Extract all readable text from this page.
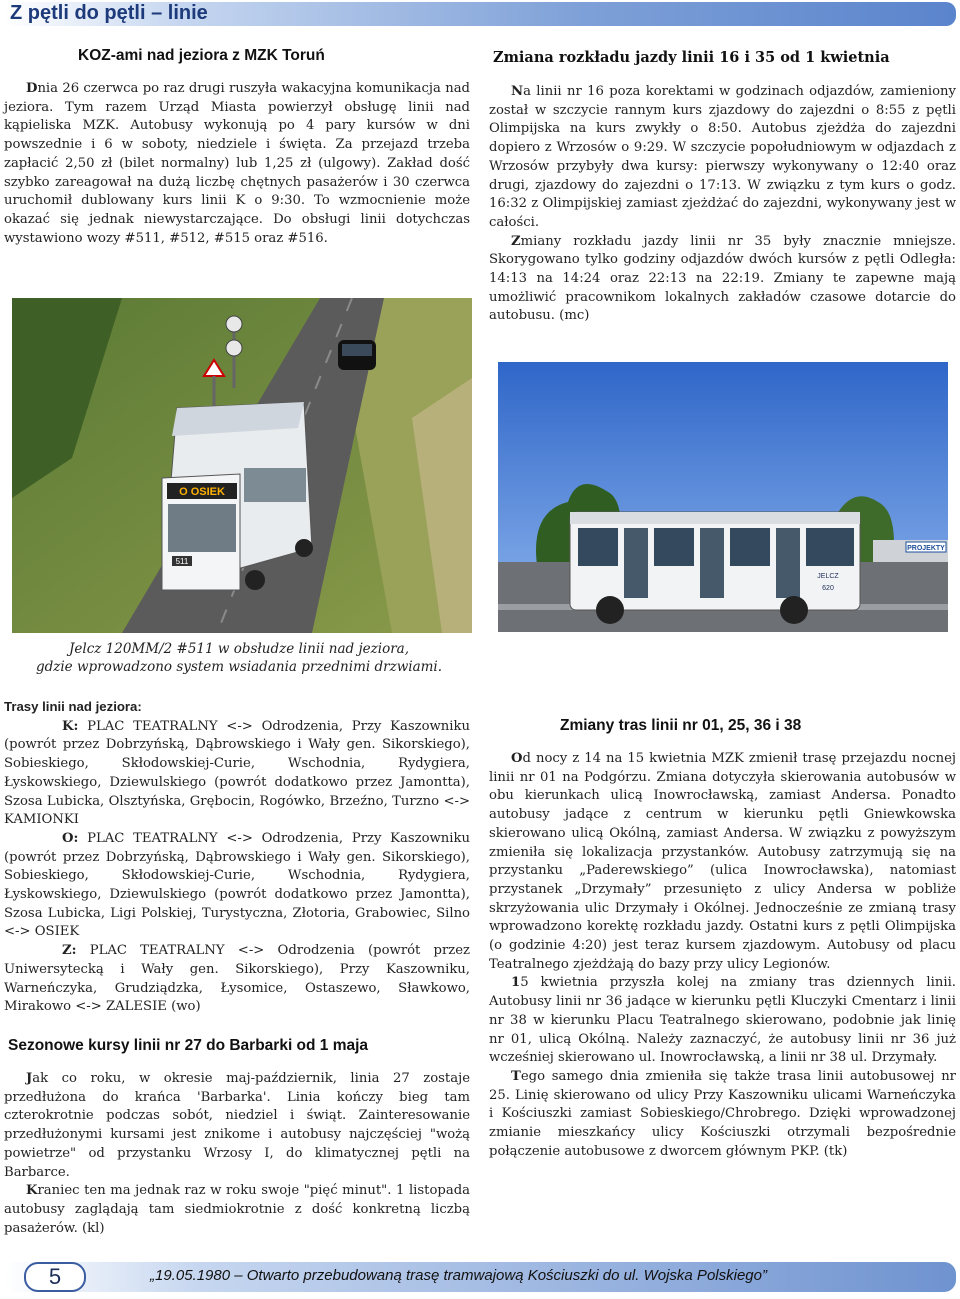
Z pętli do pętli – linie
KOZ-ami nad jeziora z MZK Toruń

Dnia 26 czerwca po raz drugi ruszyła wakacyjna komunikacja nad jeziora. Tym razem Urząd Miasta powierzył obsługę linii nad kąpieliska MZK. Autobusy wykonują po 4 pary kursów w dni powszednie i 6 w soboty, niedziele i święta. Za przejazd trzeba zapłacić 2,50 zł (bilet normalny) lub 1,25 zł (ulgowy). Zakład dość szybko zareagował na dużą liczbę chętnych pasażerów i 30 czerwca uruchomił dublowany kurs linii K o 9:30. To wzmocnienie może okazać się jednak niewystarczające. Do obsługi linii dotychczas wystawiono wozy #511, #512, #515 oraz #516.

O OSIEK
511
Jelcz 120MM/2 #511 w obsłudze linii nad jeziora,
gdzie wprowadzono system wsiadania przednimi drzwiami.

Trasy linii nad jeziora:

K: PLAC TEATRALNY <-> Odrodzenia, Przy Kaszowniku (powrót przez Dobrzyńską, Dąbrowskiego i Wały gen. Sikorskiego), Sobieskiego, Skłodowskiej-Curie, Wschodnia, Rydygiera, Łyskowskiego, Dziewulskiego (powrót dodatkowo przez Jamontta), Szosa Lubicka, Olsztyńska, Grębocin, Rogówko, Brzeźno, Turzno <-> KAMIONKI

O: PLAC TEATRALNY <-> Odrodzenia, Przy Kaszowniku (powrót przez Dobrzyńską, Dąbrowskiego i Wały gen. Sikorskiego), Sobieskiego, Skłodowskiej-Curie, Wschodnia, Rydygiera, Łyskowskiego, Dziewulskiego (powrót dodatkowo przez Jamontta), Szosa Lubicka, Ligi Polskiej, Turystyczna, Złotoria, Grabowiec, Silno <-> OSIEK

Z: PLAC TEATRALNY <-> Odrodzenia (powrót przez Uniwersytecką i Wały gen. Sikorskiego), Przy Kaszowniku, Warneńczyka, Grudziądzka, Łysomice, Ostaszewo, Sławkowo, Mirakowo <-> ZALESIE (wo)

Sezonowe kursy linii nr 27 do Barbarki od 1 maja

Jak co roku, w okresie maj-październik, linia 27 zostaje przedłużona do krańca 'Barbarka'. Linia kończy bieg tam czterokrotnie podczas sobót, niedziel i świąt. Zainteresowanie przedłużonymi kursami jest znikome i autobusy najczęściej "wożą powietrze" od przystanku Wrzosy I, do klimatycznej pętli na Barbarce.

Kraniec ten ma jednak raz w roku swoje "pięć minut". 1 listopada autobusy zaglądają tam siedmiokrotnie z dość konkretną liczbą pasażerów. (kl)

Zmiana rozkładu jazdy linii 16 i 35 od 1 kwietnia

Na linii nr 16 poza korektami w godzinach odjazdów, zamieniony został w szczycie rannym kurs zjazdowy do zajezdni o 8:55 z pętli Olimpijska na kurs zwykły o 8:50. Autobus zjeżdża do zajezdni dopiero z Wrzosów o 9:29. W szczycie popołudniowym w odjazdach z Wrzosów przybyły dwa kursy: pierwszy wykonywany o 12:40 oraz drugi, zjazdowy do zajezdni o 17:13. W związku z tym kurs o godz. 16:32 z Olimpijskiej zamiast zjeżdżać do zajezdni, wykonywany jest w całości.

Zmiany rozkładu jazdy linii nr 35 były znacznie mniejsze. Skorygowano tylko godziny odjazdów dwóch kursów z pętli Odległa: 14:13 na 14:24 oraz 22:13 na 22:19. Zmiany te zapewne mają umożliwić pracownikom lokalnych zakładów czasowe dotarcie do autobusu. (mc)

PROJEKTY
JELCZ
620
Zmiany tras linii nr 01, 25, 36 i 38

Od nocy z 14 na 15 kwietnia MZK zmienił trasę przejazdu nocnej linii nr 01 na Podgórzu. Zmiana dotyczyła skierowania autobusów w obu kierunkach ulicą Inowrocławską, zamiast Andersa. Ponadto autobusy jadące z centrum w kierunku pętli Gniewkowska skierowano ulicą Okólną, zamiast Andersa. W związku z powyższym zmieniła się lokalizacja przystanków. Autobusy zatrzymują się na przystanku „Paderewskiego” (ulica Inowrocławska), natomiast przystanek „Drzymały” przesunięto z ulicy Andersa w pobliże skrzyżowania ulic Drzymały i Okólnej. Jednocześnie ze zmianą trasy wprowadzono korektę rozkładu jazdy. Ostatni kurs z pętli Olimpijska (o godzinie 4:20) jest teraz kursem zjazdowym. Autobusy od placu Teatralnego zjeżdżają do bazy przy ulicy Legionów.

15 kwietnia przyszła kolej na zmiany tras dziennych linii. Autobusy linii nr 36 jadące w kierunku pętli Kluczyki Cmentarz i linii nr 38 w kierunku Placu Teatralnego skierowano, podobnie jak linię nr 01, ulicą Okólną. Należy zaznaczyć, że autobusy linii nr 36 już wcześniej skierowano ul. Inowrocławską, a linii nr 38 ul. Drzymały.

Tego samego dnia zmieniła się także trasa linii autobusowej nr 25. Linię skierowano od ulicy Przy Kaszowniku ulicami Warneńczyka i Kościuszki zamiast Sobieskiego/Chrobrego. Dzięki wprowadzonej zmianie mieszkańcy ulicy Kościuszki otrzymali bezpośrednie połączenie autobusowe z dworcem głównym PKP. (tk)

5	„19.05.1980 – Otwarto przebudowaną trasę tramwajową Kościuszki do ul. Wojska Polskiego”
